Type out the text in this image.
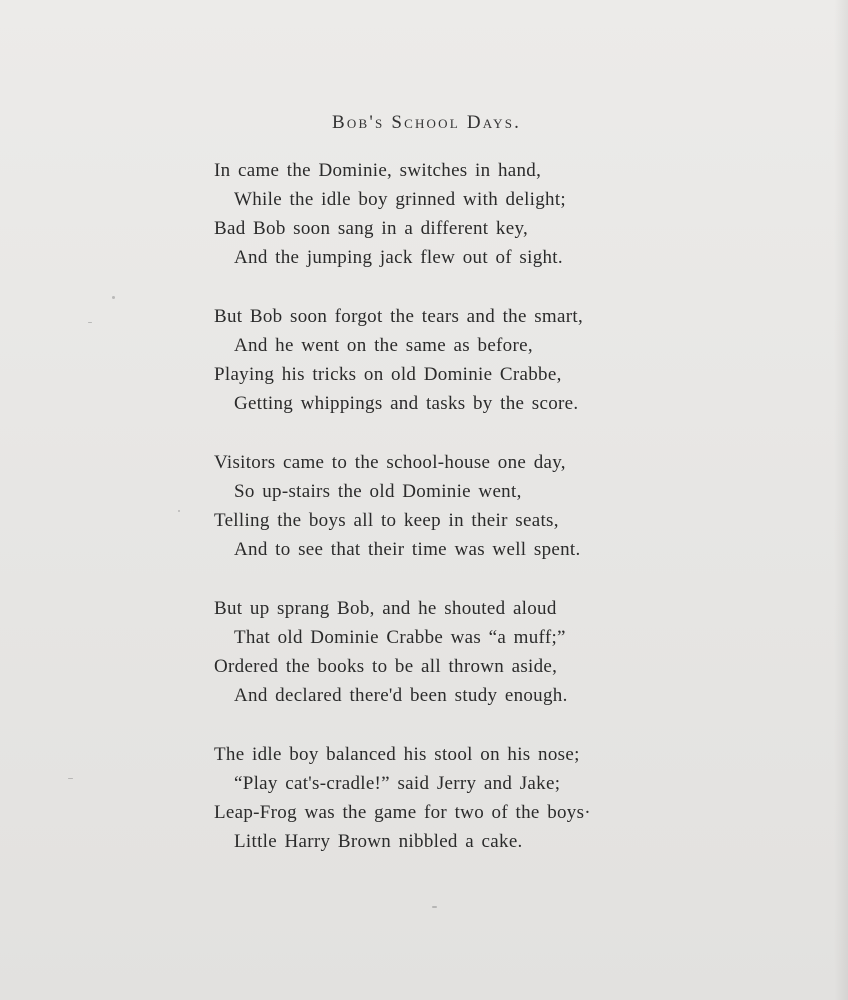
Bob's School Days.
In came the Dominie, switches in hand,
While the idle boy grinned with delight;
Bad Bob soon sang in a different key,
And the jumping jack flew out of sight.
But Bob soon forgot the tears and the smart,
And he went on the same as before,
Playing his tricks on old Dominie Crabbe,
Getting whippings and tasks by the score.
Visitors came to the school-house one day,
So up-stairs the old Dominie went,
Telling the boys all to keep in their seats,
And to see that their time was well spent.
But up sprang Bob, and he shouted aloud
That old Dominie Crabbe was “a muff;”
Ordered the books to be all thrown aside,
And declared there'd been study enough.
The idle boy balanced his stool on his nose;
“Play cat's-cradle!” said Jerry and Jake;
Leap-Frog was the game for two of the boys·
Little Harry Brown nibbled a cake.
